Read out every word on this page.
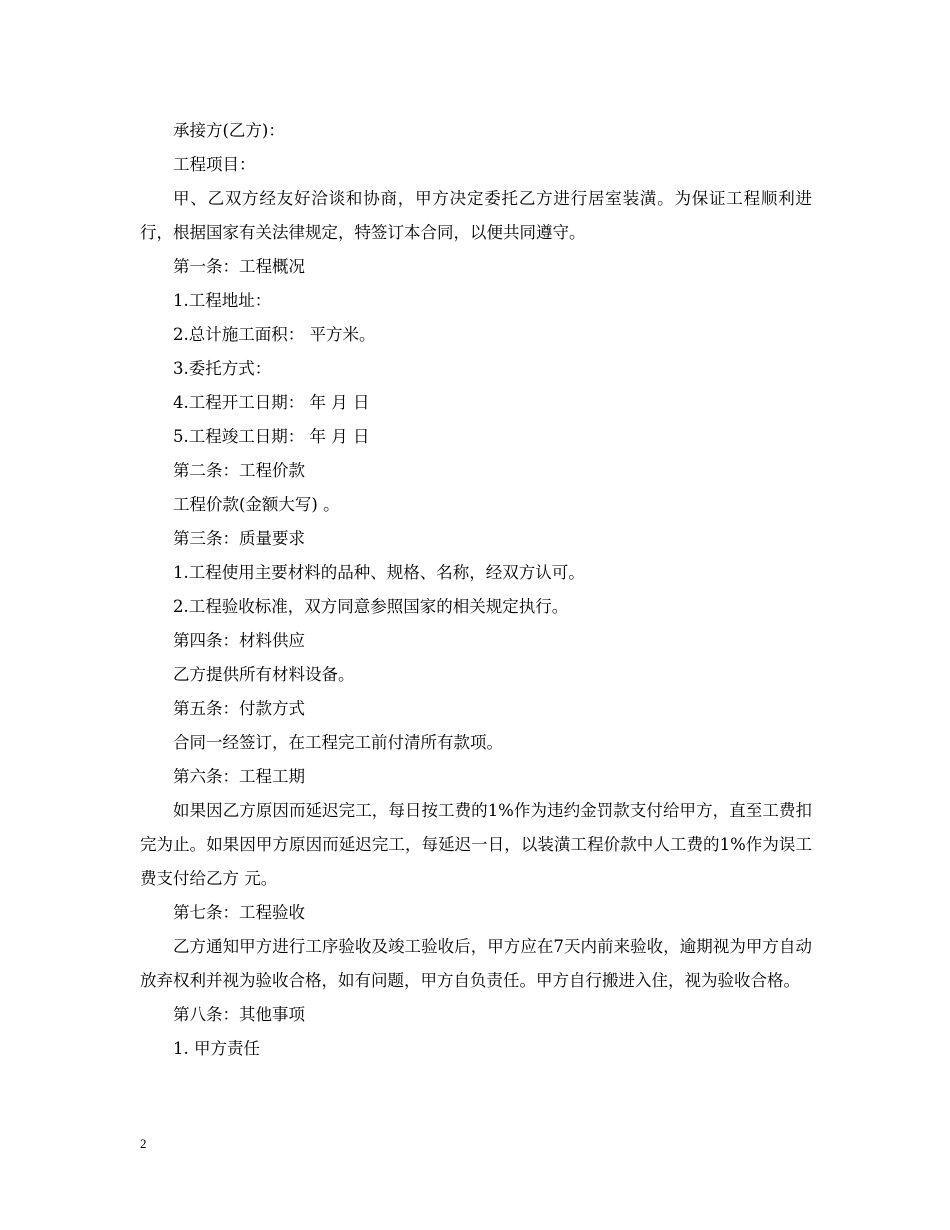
承接方(乙方)：

工程项目：

甲、乙双方经友好洽谈和协商，甲方决定委托乙方进行居室装潢。为保证工程顺利进行，根据国家有关法律规定，特签订本合同，以便共同遵守。

第一条：工程概况

1.工程地址：

2.总计施工面积： 平方米。

3.委托方式：

4.工程开工日期： 年 月 日

5.工程竣工日期： 年 月 日

第二条：工程价款

工程价款(金额大写) 。

第三条：质量要求

1.工程使用主要材料的品种、规格、名称，经双方认可。

2.工程验收标准，双方同意参照国家的相关规定执行。

第四条：材料供应

乙方提供所有材料设备。

第五条：付款方式

合同一经签订，在工程完工前付清所有款项。

第六条：工程工期

如果因乙方原因而延迟完工，每日按工费的1%作为违约金罚款支付给甲方，直至工费扣完为止。如果因甲方原因而延迟完工，每延迟一日，以装潢工程价款中人工费的1%作为误工费支付给乙方 元。

第七条：工程验收

乙方通知甲方进行工序验收及竣工验收后，甲方应在7天内前来验收，逾期视为甲方自动放弃权利并视为验收合格，如有问题，甲方自负责任。甲方自行搬进入住，视为验收合格。

第八条：其他事项

1. 甲方责任

2
